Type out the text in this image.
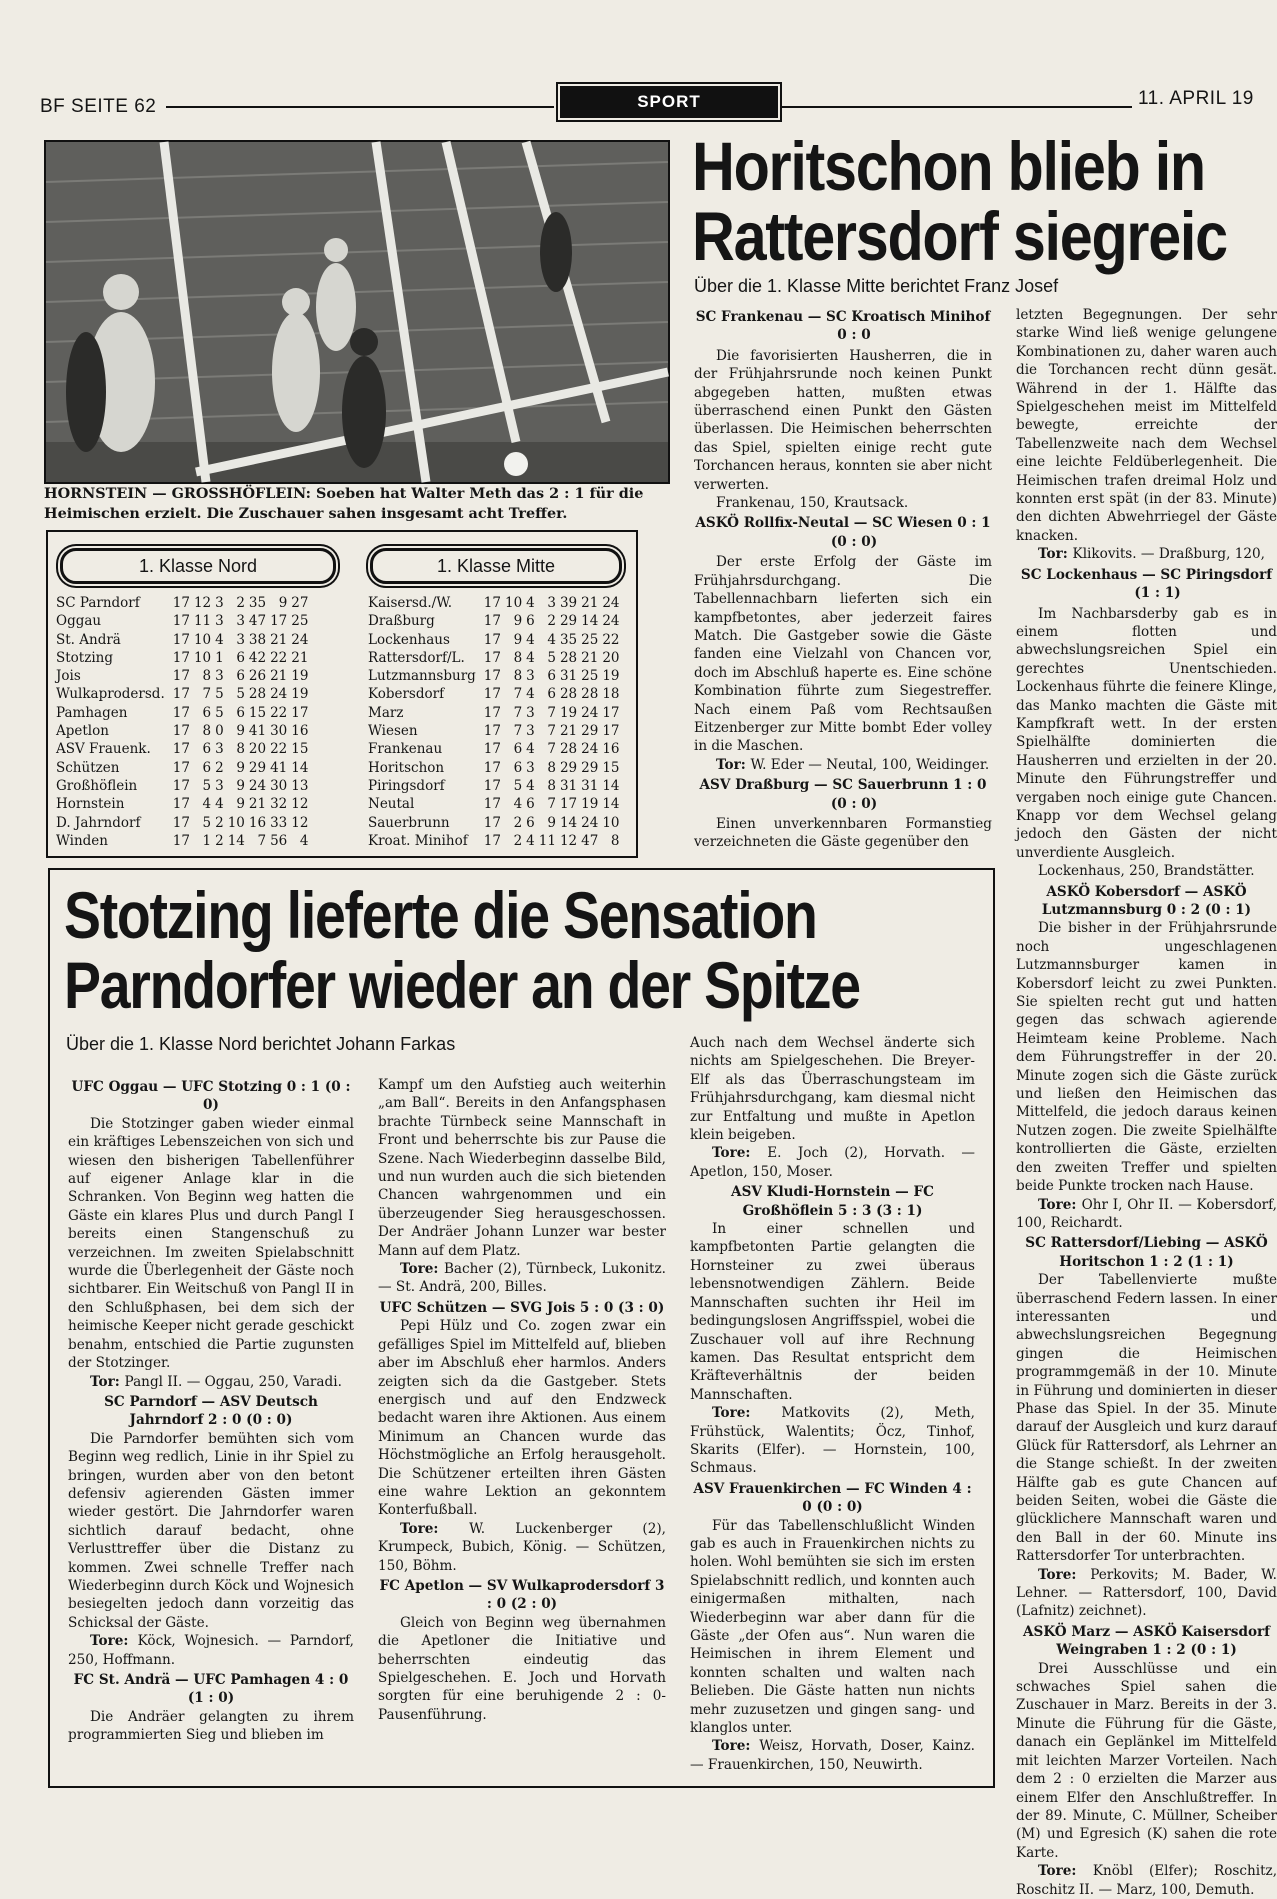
BF SEITE 62	SPORT	11. APRIL 19
HORNSTEIN — GROSSHÖFLEIN: Soeben hat Walter Meth das 2 : 1 für die Heimischen erzielt. Die Zuschauer sahen insgesamt acht Treffer.
Horitschon blieb in
Rattersdorf siegreic
Über die 1. Klasse Mitte berichtet Franz Josef
SC Frankenau — SC Kroatisch Minihof

0 : 0

Die favorisierten Hausherren, die in der Frühjahrsrunde noch keinen Punkt abgegeben hatten, mußten etwas überraschend einen Punkt den Gästen überlassen. Die Heimischen beherrschten das Spiel, spielten einige recht gute Torchancen heraus, konnten sie aber nicht verwerten.

Frankenau, 150, Krautsack.

ASKÖ Rollfix-Neutal — SC Wiesen 0 : 1

(0 : 0)

Der erste Erfolg der Gäste im Frühjahrsdurchgang. Die Tabellennachbarn lieferten sich ein kampfbetontes, aber jederzeit faires Match. Die Gastgeber sowie die Gäste fanden eine Vielzahl von Chancen vor, doch im Abschluß haperte es. Eine schöne Kombination führte zum Siegestreffer. Nach einem Paß vom Rechtsaußen Eitzenberger zur Mitte bombt Eder volley in die Maschen.

Tor: W. Eder — Neutal, 100, Weidinger.

ASV Draßburg — SC Sauerbrunn 1 : 0

(0 : 0)

Einen unverkennbaren Formanstieg verzeichneten die Gäste gegenüber den

letzten Begegnungen. Der sehr starke Wind ließ wenige gelungene Kombinationen zu, daher waren auch die Torchancen recht dünn gesät. Während in der 1. Hälfte das Spielgeschehen meist im Mittelfeld bewegte, erreichte der Tabellenzweite nach dem Wechsel eine leichte Feldüberlegenheit. Die Heimischen trafen dreimal Holz und konnten erst spät (in der 83. Minute) den dichten Abwehrriegel der Gäste knacken.

Tor: Klikovits. — Draßburg, 120,

SC Lockenhaus — SC Piringsdorf

(1 : 1)

Im Nachbarsderby gab es in einem flotten und abwechslungsreichen Spiel ein gerechtes Unentschieden. Lockenhaus führte die feinere Klinge, das Manko machten die Gäste mit Kampfkraft wett. In der ersten Spielhälfte dominierten die Hausherren und erzielten in der 20. Minute den Führungstreffer und vergaben noch einige gute Chancen. Knapp vor dem Wechsel gelang jedoch den Gästen der nicht unverdiente Ausgleich.

Lockenhaus, 250, Brandstätter.

ASKÖ Kobersdorf — ASKÖ Lutzmannsburg 0 : 2 (0 : 1)

Die bisher in der Frühjahrsrunde noch ungeschlagenen Lutzmannsburger kamen in Kobersdorf leicht zu zwei Punkten. Sie spielten recht gut und hatten gegen das schwach agierende Heimteam keine Probleme. Nach dem Führungstreffer in der 20. Minute zogen sich die Gäste zurück und ließen den Heimischen das Mittelfeld, die jedoch daraus keinen Nutzen zogen. Die zweite Spielhälfte kontrollierten die Gäste, erzielten den zweiten Treffer und spielten beide Punkte trocken nach Hause.

Tore: Ohr I, Ohr II. — Kobersdorf, 100, Reichardt.

SC Rattersdorf/Liebing — ASKÖ Horitschon 1 : 2 (1 : 1)

Der Tabellenvierte mußte überraschend Federn lassen. In einer interessanten und abwechslungsreichen Begegnung gingen die Heimischen programmgemäß in der 10. Minute in Führung und dominierten in dieser Phase das Spiel. In der 35. Minute darauf der Ausgleich und kurz darauf Glück für Rattersdorf, als Lehrner an die Stange schießt. In der zweiten Hälfte gab es gute Chancen auf beiden Seiten, wobei die Gäste die glücklichere Mannschaft waren und den Ball in der 60. Minute ins Rattersdorfer Tor unterbrachten.

Tore: Perkovits; M. Bader, W. Lehner. — Rattersdorf, 100, David (Lafnitz) zeichnet).

ASKÖ Marz — ASKÖ Kaisersdorf Weingraben 1 : 2 (0 : 1)

Drei Ausschlüsse und ein schwaches Spiel sahen die Zuschauer in Marz. Bereits in der 3. Minute die Führung für die Gäste, danach ein Geplänkel im Mittelfeld mit leichten Marzer Vorteilen. Nach dem 2 : 0 erzielten die Marzer aus einem Elfer den Anschlußtreffer. In der 89. Minute, C. Müllner, Scheiber (M) und Egresich (K) sahen die rote Karte.

Tore: Knöbl (Elfer); Roschitz, Roschitz II. — Marz, 100, Demuth.

1. Klasse Nord	1. Klasse Mitte
SC Parndorf	17	12	3	2	35	9	27
Oggau	17	11	3	3	47	17	25
St. Andrä	17	10	4	3	38	21	24
Stotzing	17	10	1	6	42	22	21
Jois	17	8	3	6	26	21	19
Wulkaprodersd.	17	7	5	5	28	24	19
Pamhagen	17	6	5	6	15	22	17
Apetlon	17	8	0	9	41	30	16
ASV Frauenk.	17	6	3	8	20	22	15
Schützen	17	6	2	9	29	41	14
Großhöflein	17	5	3	9	24	30	13
Hornstein	17	4	4	9	21	32	12
D. Jahrndorf	17	5	2	10	16	33	12
Winden	17	1	2	14	7	56	4
Kaisersd./W.	17	10	4	3	39	21	24
Draßburg	17	9	6	2	29	14	24
Lockenhaus	17	9	4	4	35	25	22
Rattersdorf/L.	17	8	4	5	28	21	20
Lutzmannsburg	17	8	3	6	31	25	19
Kobersdorf	17	7	4	6	28	28	18
Marz	17	7	3	7	19	24	17
Wiesen	17	7	3	7	21	29	17
Frankenau	17	6	4	7	28	24	16
Horitschon	17	6	3	8	29	29	15
Piringsdorf	17	5	4	8	31	31	14
Neutal	17	4	6	7	17	19	14
Sauerbrunn	17	2	6	9	14	24	10
Kroat. Minihof	17	2	4	11	12	47	8
Stotzing lieferte die Sensation
Parndorfer wieder an der Spitze
Über die 1. Klasse Nord berichtet Johann Farkas
UFC Oggau — UFC Stotzing 0 : 1 (0 : 0)

Die Stotzinger gaben wieder einmal ein kräftiges Lebenszeichen von sich und wiesen den bisherigen Tabellenführer auf eigener Anlage klar in die Schranken. Von Beginn weg hatten die Gäste ein klares Plus und durch Pangl I bereits einen Stangenschuß zu verzeichnen. Im zweiten Spielabschnitt wurde die Überlegenheit der Gäste noch sichtbarer. Ein Weitschuß von Pangl II in den Schlußphasen, bei dem sich der heimische Keeper nicht gerade geschickt benahm, entschied die Partie zugunsten der Stotzinger.

Tor: Pangl II. — Oggau, 250, Varadi.

SC Parndorf — ASV Deutsch Jahrndorf 2 : 0 (0 : 0)

Die Parndorfer bemühten sich vom Beginn weg redlich, Linie in ihr Spiel zu bringen, wurden aber von den betont defensiv agierenden Gästen immer wieder gestört. Die Jahrndorfer waren sichtlich darauf bedacht, ohne Verlusttreffer über die Distanz zu kommen. Zwei schnelle Treffer nach Wiederbeginn durch Köck und Wojnesich besiegelten jedoch dann vorzeitig das Schicksal der Gäste.

Tore: Köck, Wojnesich. — Parndorf, 250, Hoffmann.

FC St. Andrä — UFC Pamhagen 4 : 0 (1 : 0)

Die Andräer gelangten zu ihrem programmierten Sieg und blieben im

Kampf um den Aufstieg auch weiterhin „am Ball“. Bereits in den Anfangsphasen brachte Türnbeck seine Mannschaft in Front und beherrschte bis zur Pause die Szene. Nach Wiederbeginn dasselbe Bild, und nun wurden auch die sich bietenden Chancen wahrgenommen und ein überzeugender Sieg herausgeschossen. Der Andräer Johann Lunzer war bester Mann auf dem Platz.

Tore: Bacher (2), Türnbeck, Lukonitz. — St. Andrä, 200, Billes.

UFC Schützen — SVG Jois 5 : 0 (3 : 0)

Pepi Hülz und Co. zogen zwar ein gefälliges Spiel im Mittelfeld auf, blieben aber im Abschluß eher harmlos. Anders zeigten sich da die Gastgeber. Stets energisch und auf den Endzweck bedacht waren ihre Aktionen. Aus einem Minimum an Chancen wurde das Höchstmögliche an Erfolg herausgeholt. Die Schützener erteilten ihren Gästen eine wahre Lektion an gekonntem Konterfußball.

Tore: W. Luckenberger (2), Krumpeck, Bubich, König. — Schützen, 150, Böhm.

FC Apetlon — SV Wulkaprodersdorf 3 : 0 (2 : 0)

Gleich von Beginn weg übernahmen die Apetloner die Initiative und beherrschten eindeutig das Spielgeschehen. E. Joch und Horvath sorgten für eine beruhigende 2 : 0-Pausenführung.

Auch nach dem Wechsel änderte sich nichts am Spielgeschehen. Die Breyer-Elf als das Überraschungsteam im Frühjahrsdurchgang, kam diesmal nicht zur Entfaltung und mußte in Apetlon klein beigeben.

Tore: E. Joch (2), Horvath. — Apetlon, 150, Moser.

ASV Kludi-Hornstein — FC Großhöflein 5 : 3 (3 : 1)

In einer schnellen und kampfbetonten Partie gelangten die Hornsteiner zu zwei überaus lebensnotwendigen Zählern. Beide Mannschaften suchten ihr Heil im bedingungslosen Angriffsspiel, wobei die Zuschauer voll auf ihre Rechnung kamen. Das Resultat entspricht dem Kräfteverhältnis der beiden Mannschaften.

Tore: Matkovits (2), Meth, Frühstück, Walentits; Öcz, Tinhof, Skarits (Elfer). — Hornstein, 100, Schmaus.

ASV Frauenkirchen — FC Winden 4 : 0 (0 : 0)

Für das Tabellenschlußlicht Winden gab es auch in Frauenkirchen nichts zu holen. Wohl bemühten sie sich im ersten Spielabschnitt redlich, und konnten auch einigermaßen mithalten, nach Wiederbeginn war aber dann für die Gäste „der Ofen aus“. Nun waren die Heimischen in ihrem Element und konnten schalten und walten nach Belieben. Die Gäste hatten nun nichts mehr zuzusetzen und gingen sang- und klanglos unter.

Tore: Weisz, Horvath, Doser, Kainz. — Frauenkirchen, 150, Neuwirth.
